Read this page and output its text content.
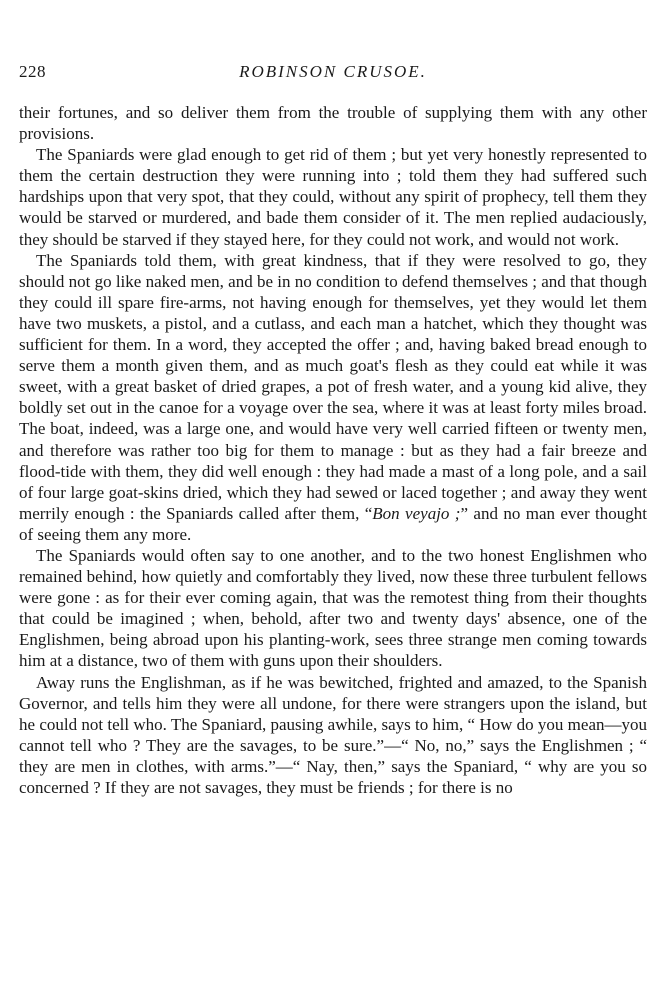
228	ROBINSON CRUSOE.

their fortunes, and so deliver them from the trouble of supplying them with any other provisions.

The Spaniards were glad enough to get rid of them ; but yet very honestly represented to them the certain destruction they were running into ; told them they had suffered such hardships upon that very spot, that they could, without any spirit of prophecy, tell them they would be starved or murdered, and bade them consider of it. The men replied audaciously, they should be starved if they stayed here, for they could not work, and would not work.

The Spaniards told them, with great kindness, that if they were resolved to go, they should not go like naked men, and be in no condition to defend themselves ; and that though they could ill spare fire-arms, not having enough for themselves, yet they would let them have two muskets, a pistol, and a cutlass, and each man a hatchet, which they thought was sufficient for them. In a word, they accepted the offer ; and, having baked bread enough to serve them a month given them, and as much goat's flesh as they could eat while it was sweet, with a great basket of dried grapes, a pot of fresh water, and a young kid alive, they boldly set out in the canoe for a voyage over the sea, where it was at least forty miles broad. The boat, indeed, was a large one, and would have very well carried fifteen or twenty men, and therefore was rather too big for them to manage : but as they had a fair breeze and flood-tide with them, they did well enough : they had made a mast of a long pole, and a sail of four large goat-skins dried, which they had sewed or laced together ; and away they went merrily enough : the Spaniards called after them, “Bon veyajo ;” and no man ever thought of seeing them any more.

The Spaniards would often say to one another, and to the two honest Englishmen who remained behind, how quietly and comfortably they lived, now these three turbulent fellows were gone : as for their ever coming again, that was the remotest thing from their thoughts that could be imagined ; when, behold, after two and twenty days' absence, one of the Englishmen, being abroad upon his planting-work, sees three strange men coming towards him at a distance, two of them with guns upon their shoulders.

Away runs the Englishman, as if he was bewitched, frighted and amazed, to the Spanish Governor, and tells him they were all undone, for there were strangers upon the island, but he could not tell who. The Spaniard, pausing awhile, says to him, “ How do you mean—you cannot tell who ? They are the savages, to be sure.”—“ No, no,” says the Englishmen ; “ they are men in clothes, with arms.”—“ Nay, then,” says the Spaniard, “ why are you so concerned ? If they are not savages, they must be friends ; for there is no
